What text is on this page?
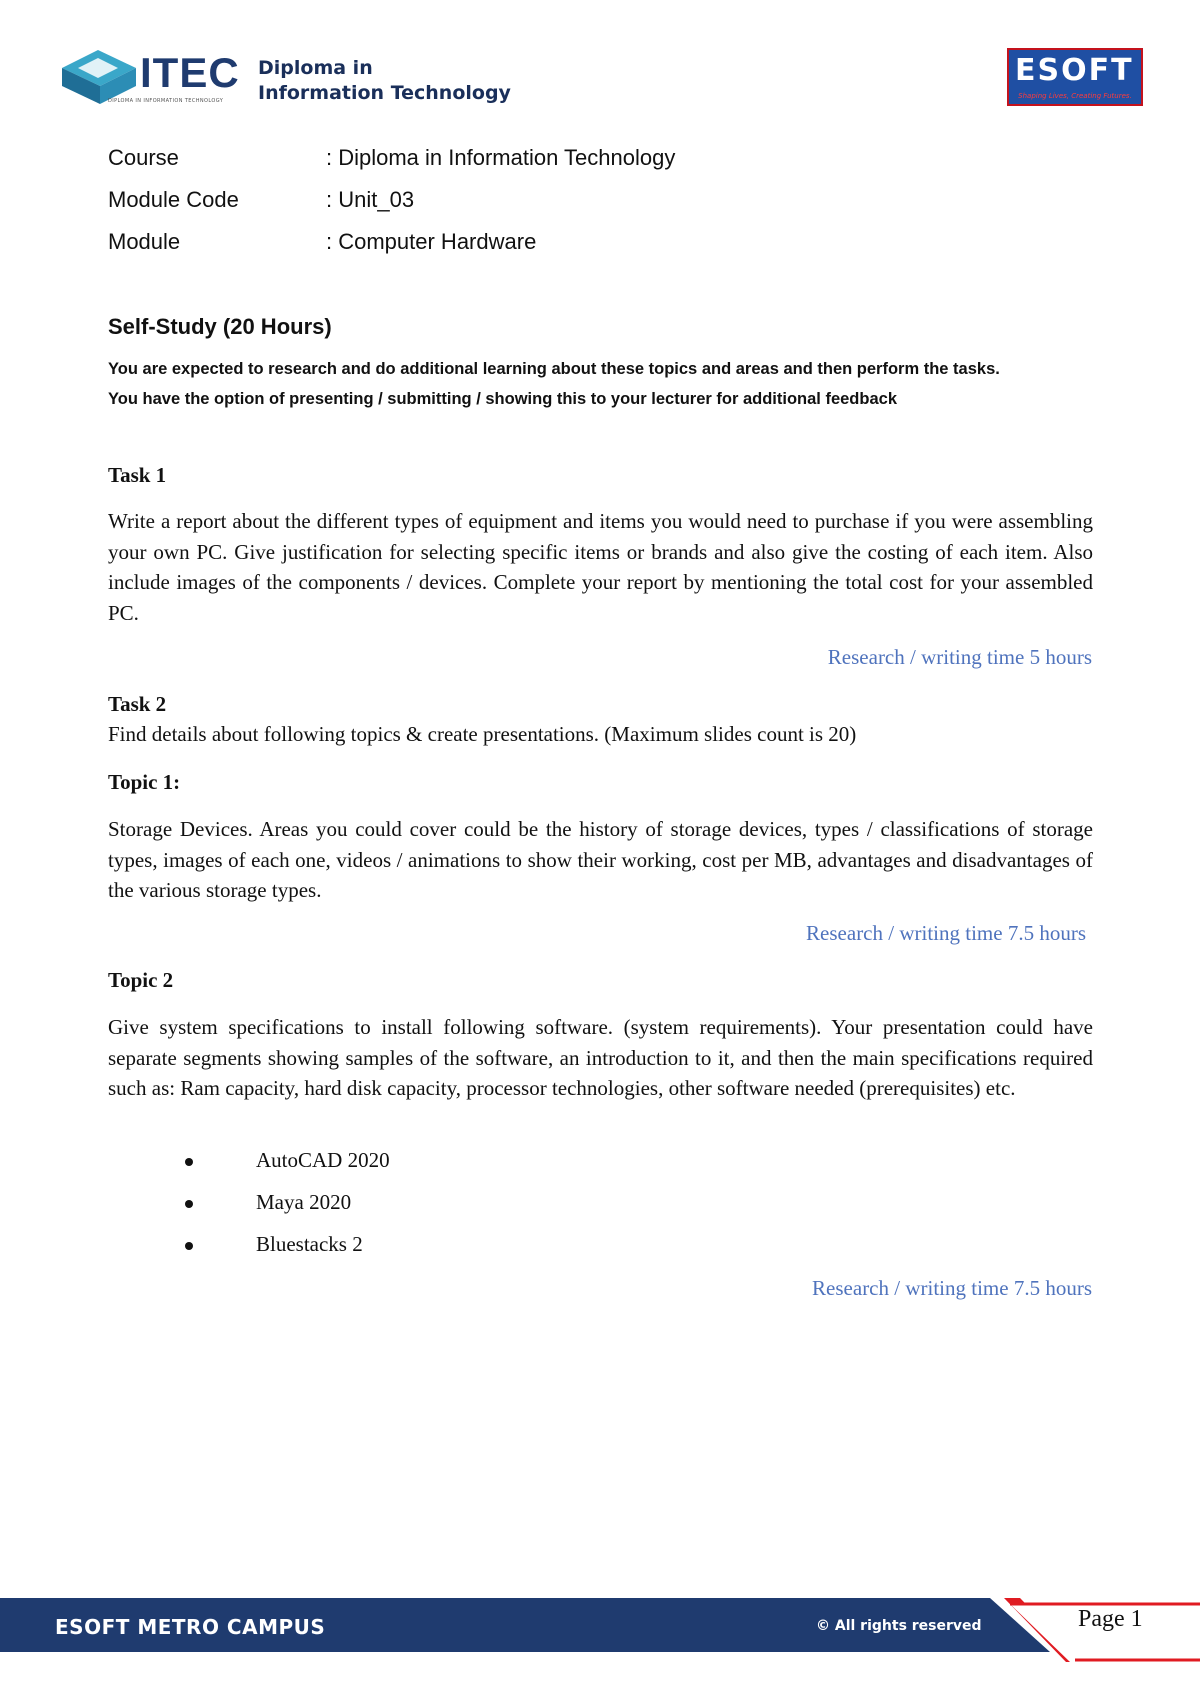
ITEC
DIPLOMA IN INFORMATION TECHNOLOGY
Diploma in
Information Technology
ESOFT
Shaping Lives, Creating Futures.
Course	: Diploma in Information Technology
Module Code	: Unit_03
Module	: Computer Hardware
Self-Study (20 Hours)
You are expected to research and do additional learning about these topics and areas and then perform the tasks.
You have the option of presenting / submitting / showing this to your lecturer for additional feedback
Task 1
Write a report about the different types of equipment and items you would need to purchase if you were assembling your own PC. Give justification for selecting specific items or brands and also give the costing of each item. Also include images of the components / devices. Complete your report by mentioning the total cost for your assembled PC.
Research / writing time 5 hours
Task 2
Find details about following topics & create presentations. (Maximum slides count is 20)
Topic 1:
Storage Devices. Areas you could cover could be the history of storage devices, types / classifications of storage types, images of each one, videos / animations to show their working, cost per MB, advantages and disadvantages of the various storage types.
Research / writing time 7.5 hours
Topic 2
Give system specifications to install following software. (system requirements). Your presentation could have separate segments showing samples of the software, an introduction to it, and then the main specifications required such as: Ram capacity, hard disk capacity, processor technologies, other software needed (prerequisites) etc.
AutoCAD 2020
Maya 2020
Bluestacks 2
Research / writing time 7.5 hours
ESOFT METRO CAMPUS	© All rights reserved	Page 1
